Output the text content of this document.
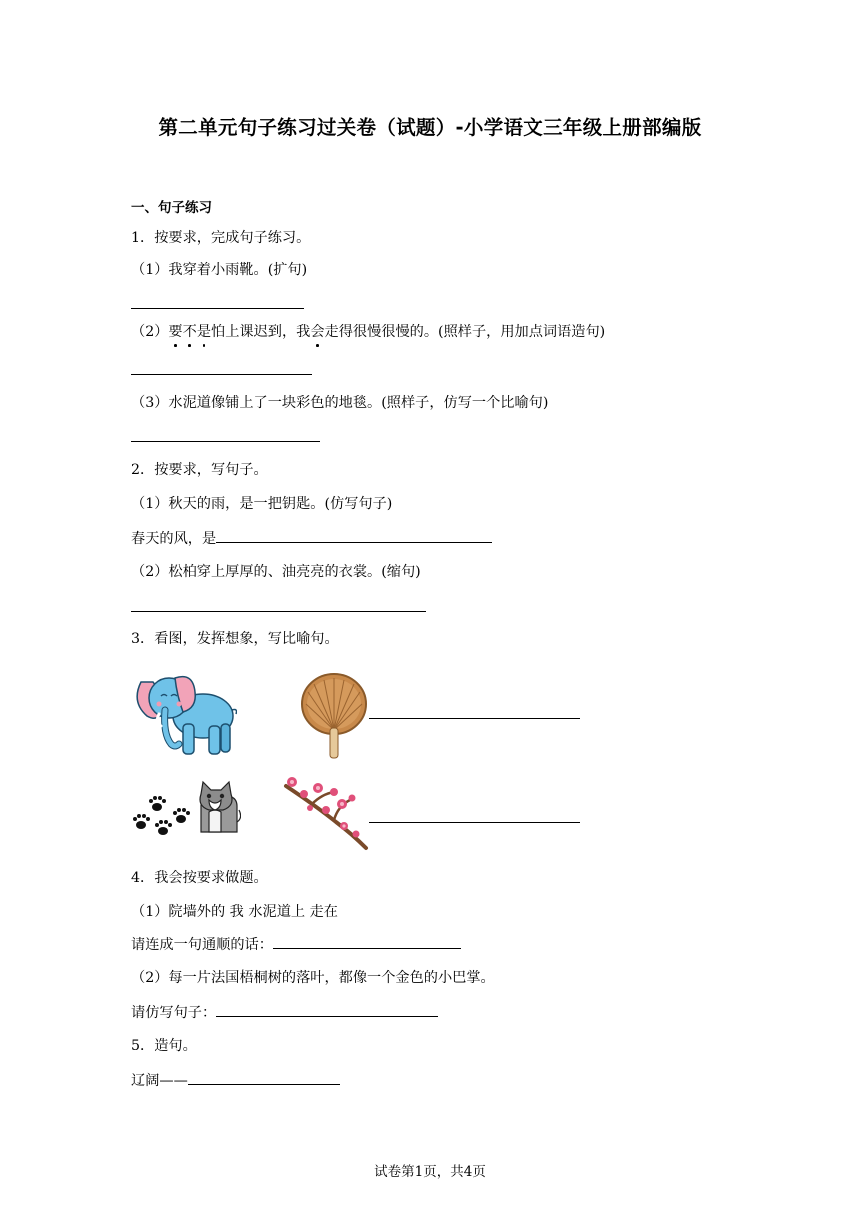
第二单元句子练习过关卷（试题）-小学语文三年级上册部编版
一、句子练习
1．按要求，完成句子练习。
（1）我穿着小雨靴。(扩句)
（2）要不是怕上课迟到，我会走得很慢很慢的。(照样子，用加点词语造句)
（3）水泥道像铺上了一块彩色的地毯。(照样子，仿写一个比喻句)
2．按要求，写句子。
（1）秋天的雨，是一把钥匙。(仿写句子)
春天的风，是
（2）松柏穿上厚厚的、油亮亮的衣裳。(缩句)
3．看图，发挥想象，写比喻句。
4．我会按要求做题。
（1）院墙外的 我 水泥道上 走在
请连成一句通顺的话：
（2）每一片法国梧桐树的落叶，都像一个金色的小巴掌。
请仿写句子：
5．造句。
辽阔——
试卷第1页，共4页
